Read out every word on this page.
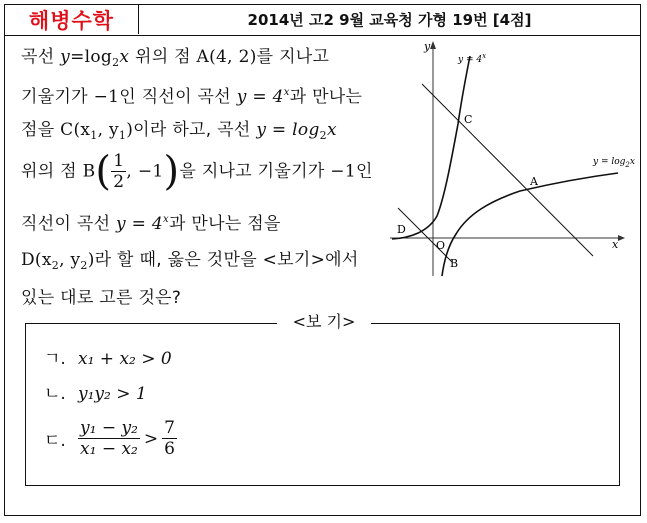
해병수학	2014년 고2 9월 교육청 가형 19번 [4점]
곡선 $y=\log_2x$ 위의 점 A(4, 2)를 지나고
기울기가 −1인 직선이 곡선 $y = 4^x$과 만나는
점을 $C(x_1$, $y_1$)이라 하고, 곡선 $y = \log_2x$
위의 점 $B( \frac{1}{2}$ , −1)을 지나고 기울기가 −1인
직선이 곡선 $y = 4^x$과 만나는 점을
$D(x_2$, $y_2$)라 할 때, 옳은 것만을 <보기>에서
있는 대로 고른 것은?
x
y
O
C
A
D
B
$y = 4^x$
$y = \log_2x$
<보 기>
ㄱ. x₁ + x₂ > 0
ㄴ. y₁y₂ > 1
ㄷ. $\frac{\text{y₁ − y₂}}{\text{x₁ − x₂}} > \frac{7}{6}$
